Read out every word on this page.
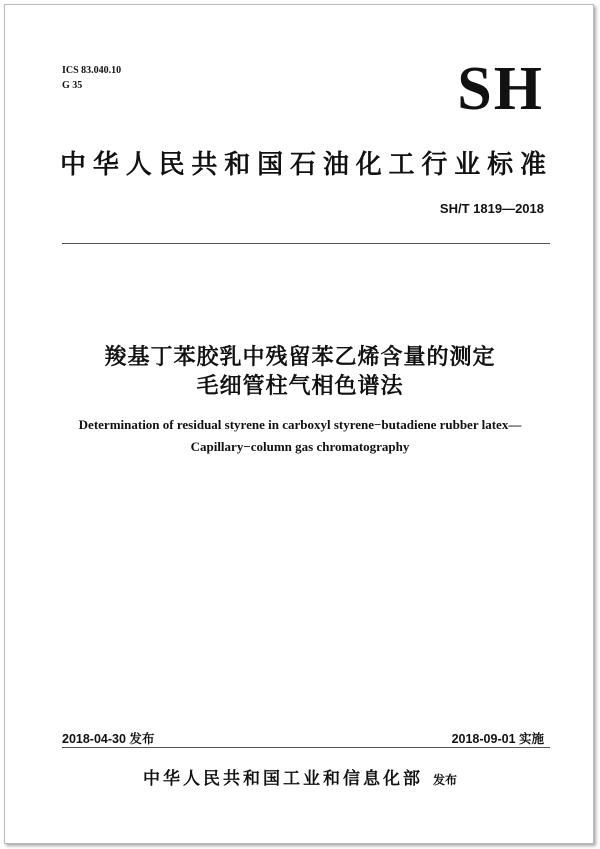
ICS 83.040.10
G 35	SH
中华人民共和国石油化工行业标准
SH/T 1819—2018
羧基丁苯胶乳中残留苯乙烯含量的测定
毛细管柱气相色谱法
Determination of residual styrene in carboxyl styrene−butadiene rubber latex—
Capillary−column gas chromatography
2018-04-30 发布	2018-09-01 实施
中华人民共和国工业和信息化部 发布
